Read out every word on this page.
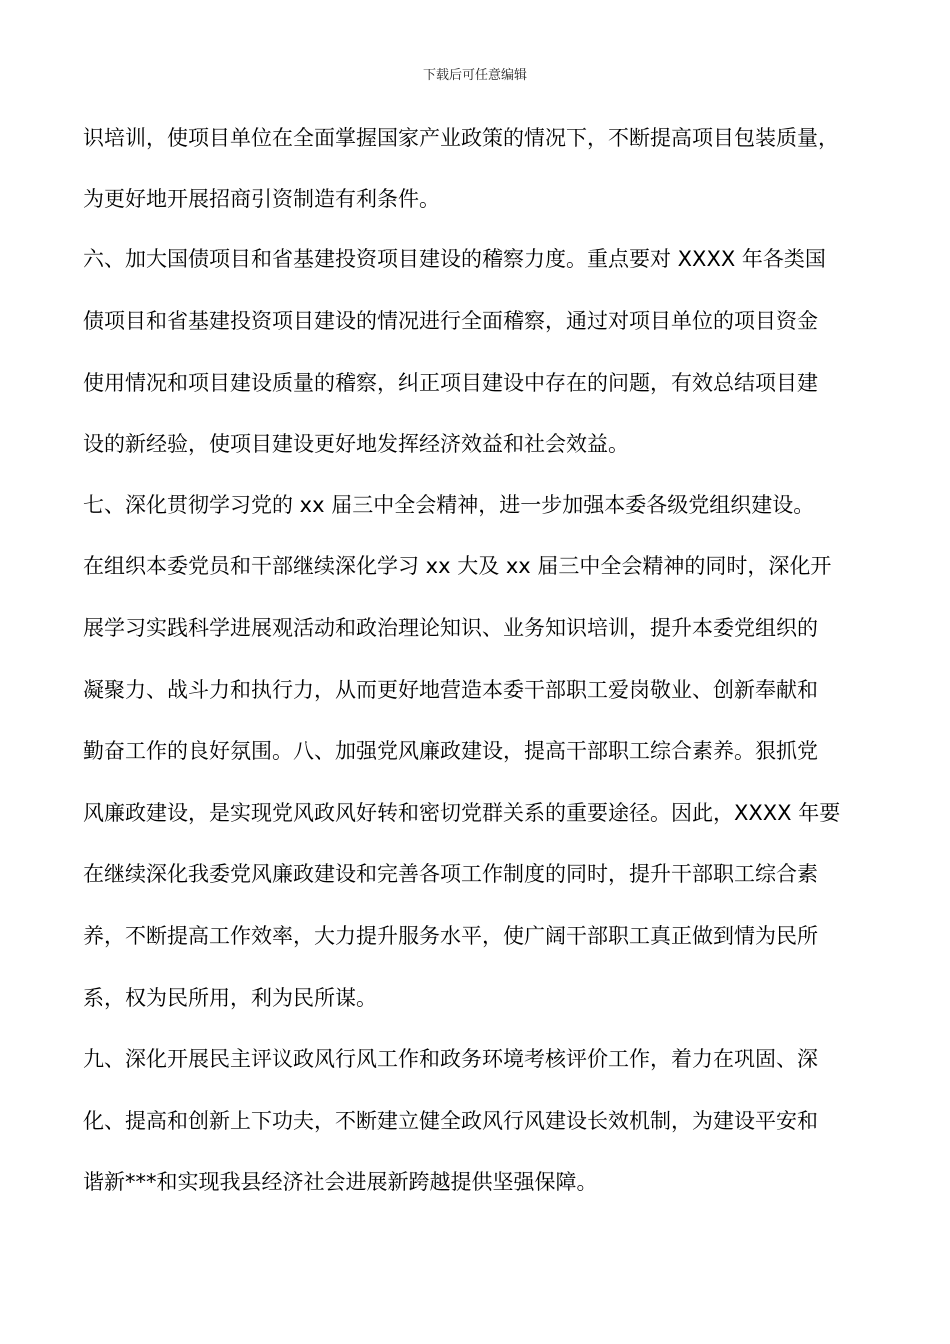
下载后可任意编辑
识培训，使项目单位在全面掌握国家产业政策的情况下，不断提高项目包装质量，
为更好地开展招商引资制造有利条件。
六、加大国债项目和省基建投资项目建设的稽察力度。重点要对 XXXX 年各类国
债项目和省基建投资项目建设的情况进行全面稽察，通过对项目单位的项目资金
使用情况和项目建设质量的稽察，纠正项目建设中存在的问题，有效总结项目建
设的新经验，使项目建设更好地发挥经济效益和社会效益。
七、深化贯彻学习党的 xx 届三中全会精神，进一步加强本委各级党组织建设。
在组织本委党员和干部继续深化学习 xx 大及 xx 届三中全会精神的同时，深化开
展学习实践科学进展观活动和政治理论知识、业务知识培训，提升本委党组织的
凝聚力、战斗力和执行力，从而更好地营造本委干部职工爱岗敬业、创新奉献和
勤奋工作的良好氛围。八、加强党风廉政建设，提高干部职工综合素养。狠抓党
风廉政建设，是实现党风政风好转和密切党群关系的重要途径。因此，XXXX 年要
在继续深化我委党风廉政建设和完善各项工作制度的同时，提升干部职工综合素
养，不断提高工作效率，大力提升服务水平，使广阔干部职工真正做到情为民所
系，权为民所用，利为民所谋。
九、深化开展民主评议政风行风工作和政务环境考核评价工作，着力在巩固、深
化、提高和创新上下功夫，不断建立健全政风行风建设长效机制，为建设平安和
谐新***和实现我县经济社会进展新跨越提供坚强保障。
